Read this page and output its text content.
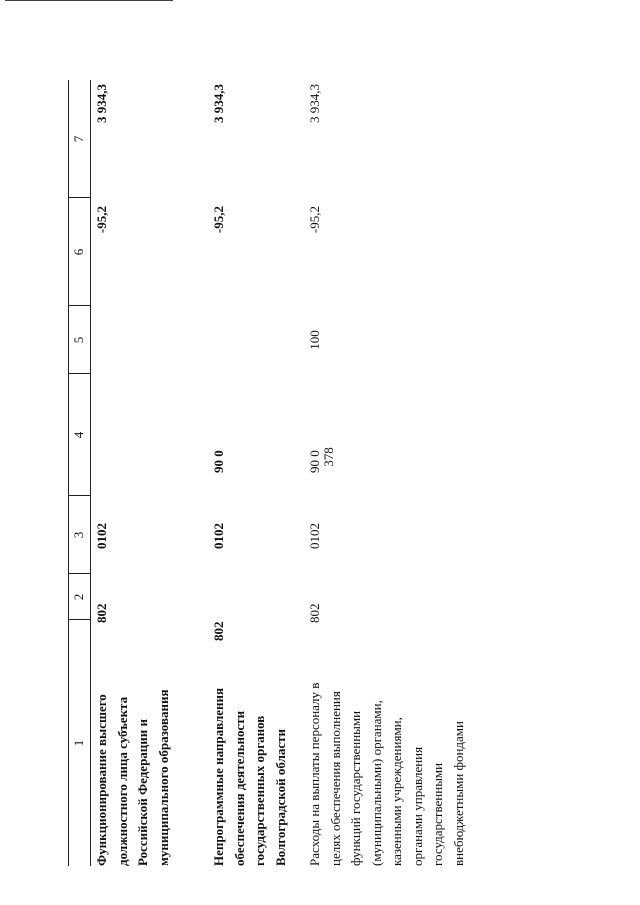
378
1
2
3
4
5
6
7
Функционирование высшего должностного лица субъекта Российской Федерации и муниципального образования
802
0102
-95,2
3 934,3
Непрограммные направления обеспечения деятельности государственных органов Волгоградской области
802
0102
90 0
-95,2
3 934,3
Расходы на выплаты персоналу в целях обеспечения выполнения функций государственными (муниципальными) органами, казенными учреждениями, органами управления государственными внебюджетными фондами
802
0102
90 0
100
-95,2
3 934,3
